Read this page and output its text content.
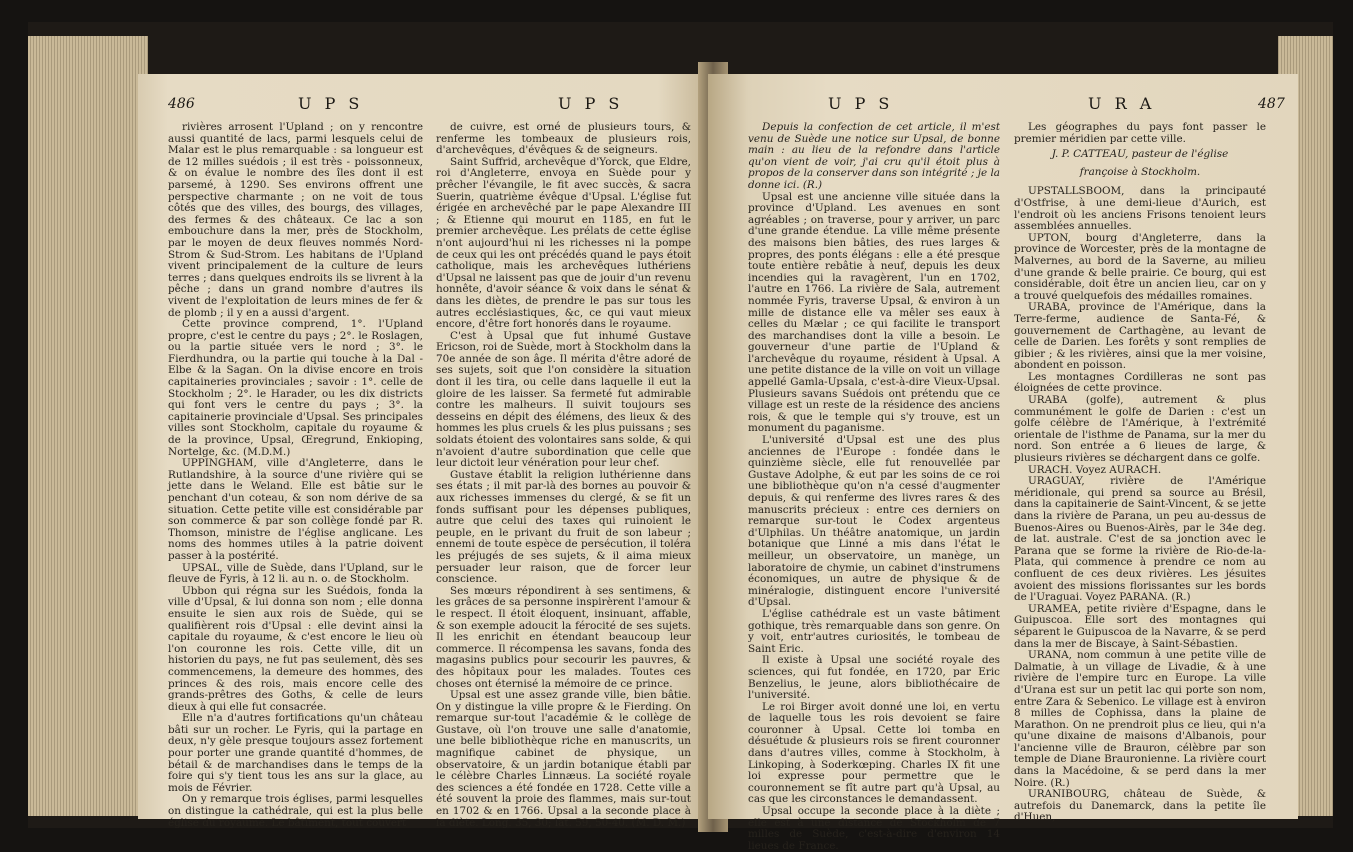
486	U P S	U P S

rivières arrosent l'Upland ; on y rencontre aussi quantité de lacs, parmi lesquels celui de Malar est le plus remarquable : sa longueur est de 12 milles suédois ; il est très - poissonneux, & on évalue le nombre des îles dont il est parsemé, à 1290. Ses environs offrent une perspective charmante ; on ne voit de tous côtés que des villes, des bourgs, des villages, des fermes & des châteaux. Ce lac a son embouchure dans la mer, près de Stockholm, par le moyen de deux fleuves nommés Nord-Strom & Sud-Strom. Les habitans de l'Upland vivent principalement de la culture de leurs terres ; dans quelques endroits ils se livrent à la pêche ; dans un grand nombre d'autres ils vivent de l'exploitation de leurs mines de fer & de plomb ; il y en a aussi d'argent.

Cette province comprend, 1°. l'Upland propre, c'est le centre du pays ; 2°. le Roslagen, ou la partie située vers le nord ; 3°. le Fierdhundra, ou la partie qui touche à la Dal - Elbe & la Sagan. On la divise encore en trois capitaineries provinciales ; savoir : 1°. celle de Stockholm ; 2°. le Harader, ou les dix districts qui font vers le centre du pays ; 3°. la capitainerie provinciale d'Upsal. Ses principales villes sont Stockholm, capitale du royaume & de la province, Upsal, Œregrund, Enkioping, Nortelge, &c. (M.D.M.)

UPPINGHAM, ville d'Angleterre, dans le Rutlandshire, à la source d'une rivière qui se jette dans le Weland. Elle est bâtie sur le penchant d'un coteau, & son nom dérive de sa situation. Cette petite ville est considérable par son commerce & par son collège fondé par R. Thomson, ministre de l'église anglicane. Les noms des hommes utiles à la patrie doivent passer à la postérité.

UPSAL, ville de Suède, dans l'Upland, sur le fleuve de Fyris, à 12 li. au n. o. de Stockholm.

Ubbon qui régna sur les Suédois, fonda la ville d'Upsal, & lui donna son nom ; elle donna ensuite le sien aux rois de Suède, qui se qualifièrent rois d'Upsal : elle devint ainsi la capitale du royaume, & c'est encore le lieu où l'on couronne les rois. Cette ville, dit un historien du pays, ne fut pas seulement, dès ses commencemens, la demeure des hommes, des princes & des rois, mais encore celle des grands-prêtres des Goths, & celle de leurs dieux à qui elle fut consacrée.

Elle n'a d'autres fortifications qu'un château bâti sur un rocher. Le Fyris, qui la partage en deux, n'y gèle presque toujours assez fortement pour porter une grande quantité d'hommes, de bétail & de marchandises dans le temps de la foire qui s'y tient tous les ans sur la glace, au mois de Février.

On y remarque trois églises, parmi lesquelles on distingue la cathédrale, qui est la plus belle église du royaume. Le bâtiment, tout couvert

de cuivre, est orné de plusieurs tours, & renferme les tombeaux de plusieurs rois, d'archevêques, d'évêques & de seigneurs.

Saint Suffrid, archevêque d'Yorck, que Eldre, roi d'Angleterre, envoya en Suède pour y prêcher l'évangile, le fit avec succès, & sacra Suerin, quatrième évêque d'Upsal. L'église fut érigée en archevêché par le pape Alexandre III ; & Etienne qui mourut en 1185, en fut le premier archevêque. Les prélats de cette église n'ont aujourd'hui ni les richesses ni la pompe de ceux qui les ont précédés quand le pays étoit catholique, mais les archevêques luthériens d'Upsal ne laissent pas que de jouir d'un revenu honnête, d'avoir séance & voix dans le sénat & dans les diètes, de prendre le pas sur tous les autres ecclésiastiques, &c, ce qui vaut mieux encore, d'être fort honorés dans le royaume.

C'est à Upsal que fut inhumé Gustave Ericson, roi de Suède, mort à Stockholm dans la 70e année de son âge. Il mérita d'être adoré de ses sujets, soit que l'on considère la situation dont il les tira, ou celle dans laquelle il eut la gloire de les laisser. Sa fermeté fut admirable contre les malheurs. Il suivit toujours ses desseins en dépit des élémens, des lieux & des hommes les plus cruels & les plus puissans ; ses soldats étoient des volontaires sans solde, & qui n'avoient d'autre subordination que celle que leur dictoit leur vénération pour leur chef.

Gustave établit la religion luthérienne dans ses états ; il mit par-là des bornes au pouvoir & aux richesses immenses du clergé, & se fit un fonds suffisant pour les dépenses publiques, autre que celui des taxes qui ruinoient le peuple, en le privant du fruit de son labeur ; ennemi de toute espèce de persécution, il toléra les préjugés de ses sujets, & il aima mieux persuader leur raison, que de forcer leur conscience.

Ses mœurs répondirent à ses sentimens, & les grâces de sa personne inspirèrent l'amour & le respect. Il étoit éloquent, insinuant, affable, & son exemple adoucit la férocité de ses sujets. Il les enrichit en étendant beaucoup leur commerce. Il récompensa les savans, fonda des magasins publics pour secourir les pauvres, & des hôpitaux pour les malades. Toutes ces choses ont éternisé la mémoire de ce prince.

Upsal est une assez grande ville, bien bâtie. On y distingue la ville propre & le Fierding. On remarque sur-tout l'académie & le collège de Gustave, où l'on trouve une salle d'anatomie, une belle bibliothèque riche en manuscrits, un magnifique cabinet de physique, un observatoire, & un jardin botanique établi par le célèbre Charles Linnæus. La société royale des sciences a été fondée en 1728. Cette ville a été souvent la proie des flammes, mais sur-tout en 1702 & en 1766. Upsal a la seconde place à la diète. Long. 35, 30; lat. 59, 50-40. (M. D. M.)

U P S	U R A	487

Depuis la confection de cet article, il m'est venu de Suède une notice sur Upsal, de bonne main : au lieu de la refondre dans l'article qu'on vient de voir, j'ai cru qu'il étoit plus à propos de la conserver dans son intégrité ; je la donne ici. (R.)

Upsal est une ancienne ville située dans la province d'Upland. Les avenues en sont agréables ; on traverse, pour y arriver, un parc d'une grande étendue. La ville même présente des maisons bien bâties, des rues larges & propres, des ponts élégans : elle a été presque toute entière rebâtie à neuf, depuis les deux incendies qui la ravagèrent, l'un en 1702, l'autre en 1766. La rivière de Sala, autrement nommée Fyris, traverse Upsal, & environ à un mille de distance elle va mêler ses eaux à celles du Mælar ; ce qui facilite le transport des marchandises dont la ville a besoin. Le gouverneur d'une partie de l'Upland & l'archevêque du royaume, résident à Upsal. A une petite distance de la ville on voit un village appellé Gamla-Upsala, c'est-à-dire Vieux-Upsal. Plusieurs savans Suédois ont prétendu que ce village est un reste de la résidence des anciens rois, & que le temple qui s'y trouve, est un monument du paganisme.

L'université d'Upsal est une des plus anciennes de l'Europe : fondée dans le quinzième siècle, elle fut renouvellée par Gustave Adolphe, & eut par les soins de ce roi une bibliothèque qu'on n'a cessé d'augmenter depuis, & qui renferme des livres rares & des manuscrits précieux : entre ces derniers on remarque sur-tout le Codex argenteus d'Ulphilas. Un théâtre anatomique, un jardin botanique que Linné a mis dans l'état le meilleur, un observatoire, un manège, un laboratoire de chymie, un cabinet d'instrumens économiques, un autre de physique & de minéralogie, distinguent encore l'université d'Upsal.

L'église cathédrale est un vaste bâtiment gothique, très remarquable dans son genre. On y voit, entr'autres curiosités, le tombeau de Saint Eric.

Il existe à Upsal une société royale des sciences, qui fut fondée, en 1720, par Eric Benzelius, le jeune, alors bibliothécaire de l'université.

Le roi Birger avoit donné une loi, en vertu de laquelle tous les rois devoient se faire couronner à Upsal. Cette loi tomba en désuétude & plusieurs rois se firent couronner dans d'autres villes, comme à Stockholm, à Linkoping, à Soderkœping. Charles IX fit une loi expresse pour permettre que le couronnement se fît autre part qu'à Upsal, au cas que les circonstances le demandassent.

Upsal occupe la seconde place à la diète ; elle est à une distance de Stockholm de 7 milles de Suède, c'est-à-dire d'environ 14 lieues de France.

Les géographes du pays font passer le premier méridien par cette ville.

J. P. CATTEAU, pasteur de l'église

françoise à Stockholm.

UPSTALLSBOOM, dans la principauté d'Ostfrise, à une demi-lieue d'Aurich, est l'endroit où les anciens Frisons tenoient leurs assemblées annuelles.

UPTON, bourg d'Angleterre, dans la province de Worcester, près de la montagne de Malvernes, au bord de la Saverne, au milieu d'une grande & belle prairie. Ce bourg, qui est considérable, doit être un ancien lieu, car on y a trouvé quelquefois des médailles romaines.

URABA, province de l'Amérique, dans la Terre-ferme, audience de Santa-Fé, & gouvernement de Carthagène, au levant de celle de Darien. Les forêts y sont remplies de gibier ; & les rivières, ainsi que la mer voisine, abondent en poisson.

Les montagnes Cordilleras ne sont pas éloignées de cette province.

URABA (golfe), autrement & plus communément le golfe de Darien : c'est un golfe célèbre de l'Amérique, à l'extrémité orientale de l'isthme de Panama, sur la mer du nord. Son entrée a 6 lieues de large, & plusieurs rivières se déchargent dans ce golfe.

URACH. Voyez AURACH.

URAGUAY, rivière de l'Amérique méridionale, qui prend sa source au Brésil, dans la capitainerie de Saint-Vincent, & se jette dans la rivière de Parana, un peu au-dessus de Buenos-Aires ou Buenos-Airès, par le 34e deg. de lat. australe. C'est de sa jonction avec le Parana que se forme la rivière de Rio-de-la-Plata, qui commence à prendre ce nom au confluent de ces deux rivières. Les jésuites avoient des missions florissantes sur les bords de l'Uraguai. Voyez PARANA. (R.)

URAMEA, petite rivière d'Espagne, dans le Guipuscoa. Elle sort des montagnes qui séparent le Guipuscoa de la Navarre, & se perd dans la mer de Biscaye, à Saint-Sébastien.

URANA, nom commun à une petite ville de Dalmatie, à un village de Livadie, & à une rivière de l'empire turc en Europe. La ville d'Urana est sur un petit lac qui porte son nom, entre Zara & Sebenico. Le village est à environ 8 milles de Cophissa, dans la plaine de Marathon. On ne prendroit plus ce lieu, qui n'a qu'une dixaine de maisons d'Albanois, pour l'ancienne ville de Brauron, célèbre par son temple de Diane Brauronienne. La rivière court dans la Macédoine, & se perd dans la mer Noire. (R.)

URANIBOURG, château de Suède, & autrefois du Danemarck, dans la petite île d'Huen,
